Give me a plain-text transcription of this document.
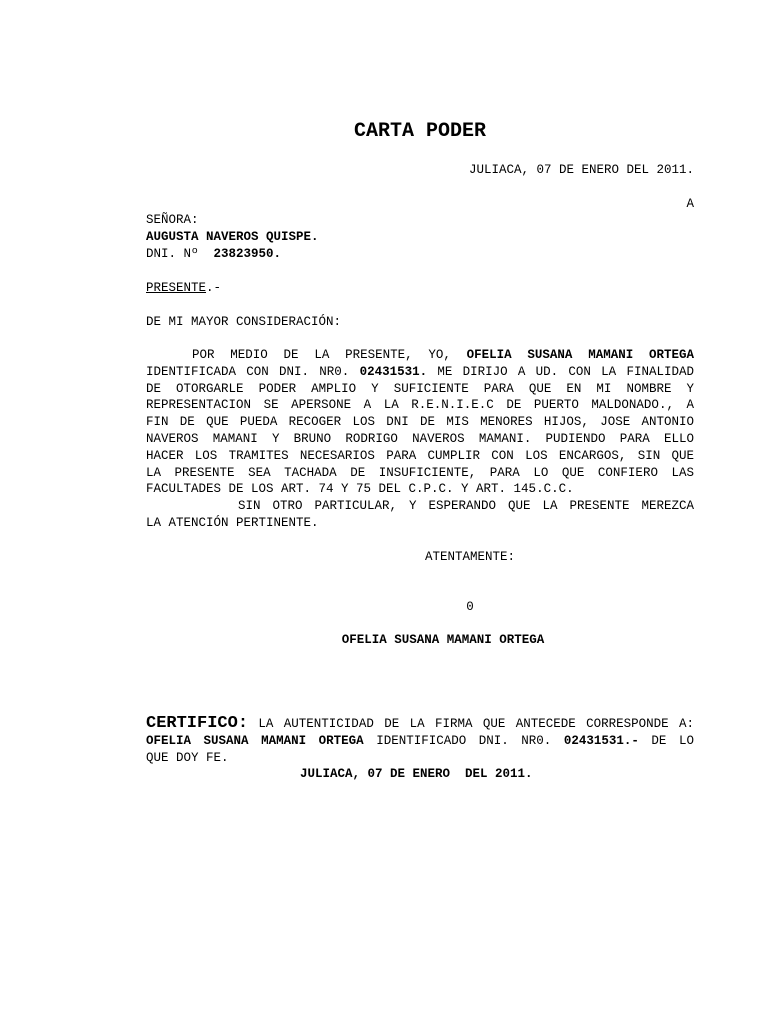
CARTA PODER
JULIACA, 07 DE ENERO DEL 2011.
A
SEÑORA:
AUGUSTA NAVEROS QUISPE.
DNI. Nº 23823950.
PRESENTE.-
DE MI MAYOR CONSIDERACIÓN:
POR MEDIO DE LA PRESENTE, YO, OFELIA SUSANA MAMANI ORTEGA
IDENTIFICADA CON DNI. NR0. 02431531. ME DIRIJO A UD. CON LA FINALIDAD
DE OTORGARLE PODER AMPLIO Y SUFICIENTE PARA QUE EN MI NOMBRE Y
REPRESENTACION SE APERSONE A LA R.E.N.I.E.C DE PUERTO MALDONADO., A
FIN DE QUE PUEDA RECOGER LOS DNI DE MIS MENORES HIJOS, JOSE ANTONIO
NAVEROS MAMANI Y BRUNO RODRIGO NAVEROS MAMANI. PUDIENDO PARA ELLO
HACER LOS TRAMITES NECESARIOS PARA CUMPLIR CON LOS ENCARGOS, SIN QUE
LA PRESENTE SEA TACHADA DE INSUFICIENTE, PARA LO QUE CONFIERO LAS
FACULTADES DE LOS ART. 74 Y 75 DEL C.P.C. Y ART. 145.C.C.
SIN OTRO PARTICULAR, Y ESPERANDO QUE LA PRESENTE MEREZCA
LA ATENCIÓN PERTINENTE.
ATENTAMENTE:
0
OFELIA SUSANA MAMANI ORTEGA
CERTIFICO: LA AUTENTICIDAD DE LA FIRMA QUE ANTECEDE CORRESPONDE A:
OFELIA SUSANA MAMANI ORTEGA IDENTIFICADO DNI. NR0. 02431531.- DE LO
QUE DOY FE.
JULIACA, 07 DE ENERO  DEL 2011.
